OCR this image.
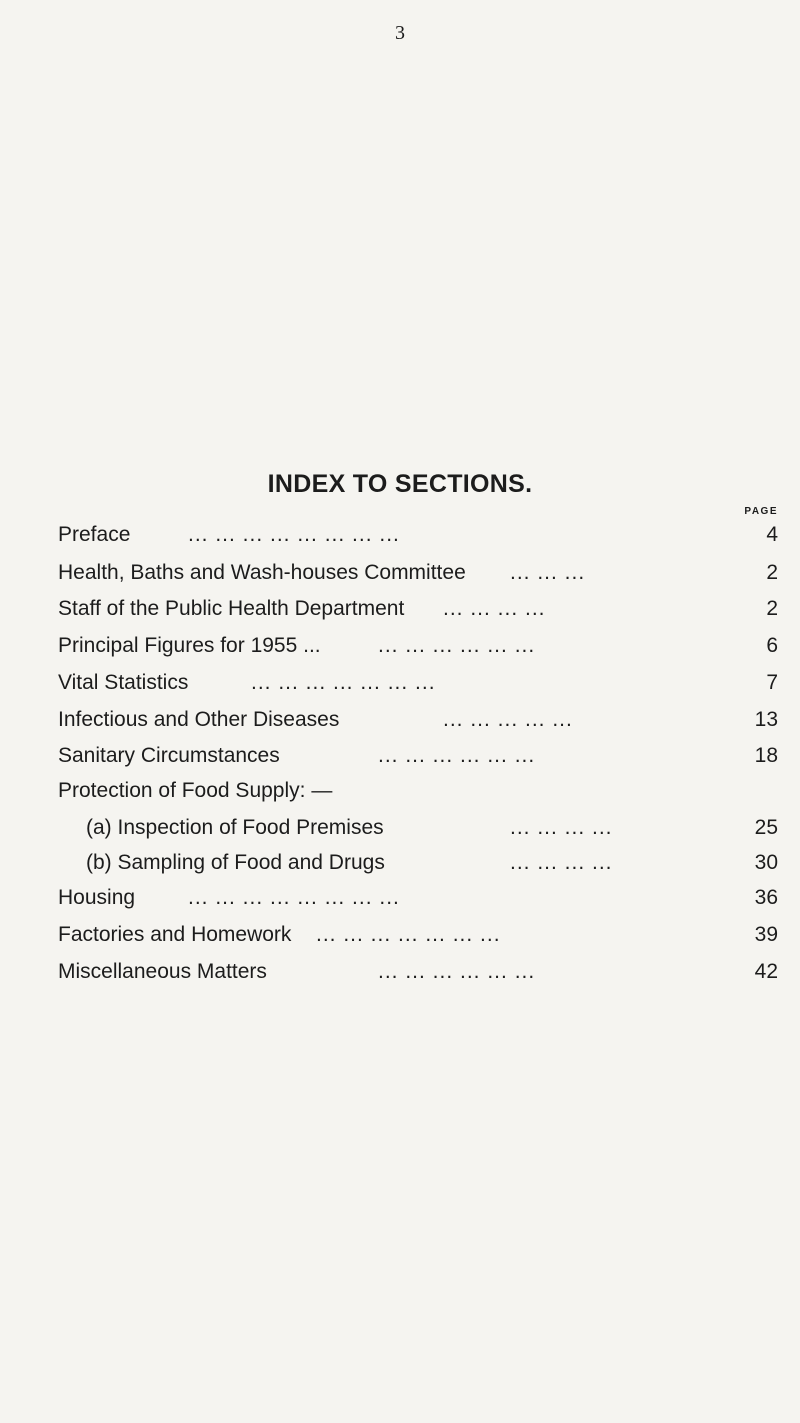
3
INDEX TO SECTIONS.
PAGE
Preface	... ... ... ... ... ... ... ...	4
Health, Baths and Wash-houses Committee ... ... ...	2
Staff of the Public Health Department ... ... ... ...	2
Principal Figures for 1955 ...	... ... ... ... ... ...	6
Vital Statistics	... ... ... ... ... ... ...	7
Infectious and Other Diseases	... ... ... ... ...	13
Sanitary Circumstances	... ... ... ... ... ...	18
Protection of Food Supply: —
(a) Inspection of Food Premises	... ... ... ...	25
(b) Sampling of Food and Drugs	... ... ... ...	30
Housing	... ... ... ... ... ... ... ...	36
Factories and Homework ... ... ... ... ... ... ...	39
Miscellaneous Matters	... ... ... ... ... ...	42
